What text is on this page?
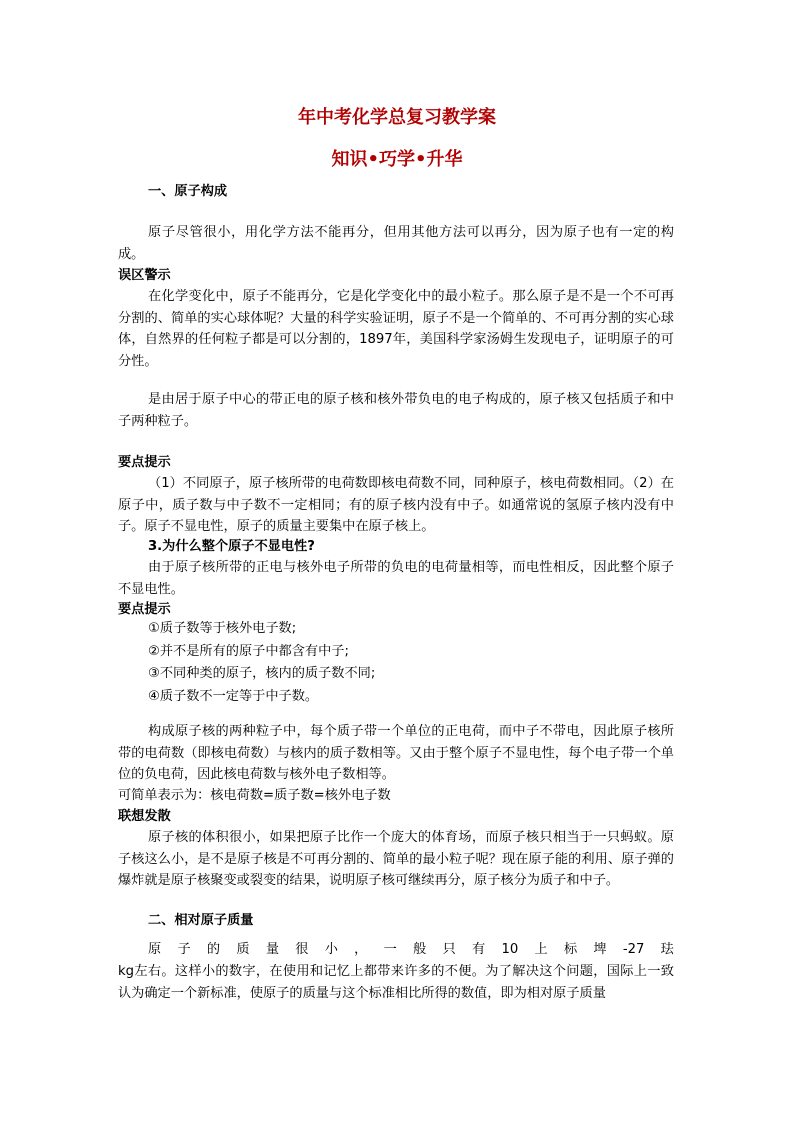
年中考化学总复习教学案
知识•巧学•升华
一、原子构成
原子尽管很小，用化学方法不能再分，但用其他方法可以再分，因为原子也有一定的构成。
误区警示
在化学变化中，原子不能再分，它是化学变化中的最小粒子。那么原子是不是一个不可再分割的、简单的实心球体呢？大量的科学实验证明，原子不是一个简单的、不可再分割的实心球体，自然界的任何粒子都是可以分割的，1897年，美国科学家汤姆生发现电子，证明原子的可分性。
是由居于原子中心的带正电的原子核和核外带负电的电子构成的，原子核又包括质子和中子两种粒子。
要点提示
（1）不同原子，原子核所带的电荷数即核电荷数不同，同种原子，核电荷数相同。（2）在原子中，质子数与中子数不一定相同；有的原子核内没有中子。如通常说的氢原子核内没有中子。原子不显电性，原子的质量主要集中在原子核上。
3.为什么整个原子不显电性?
由于原子核所带的正电与核外电子所带的负电的电荷量相等，而电性相反，因此整个原子不显电性。
要点提示
①质子数等于核外电子数;
②并不是所有的原子中都含有中子;
③不同种类的原子，核内的质子数不同;
④质子数不一定等于中子数。
构成原子核的两种粒子中，每个质子带一个单位的正电荷，而中子不带电，因此原子核所带的电荷数（即核电荷数）与核内的质子数相等。又由于整个原子不显电性，每个电子带一个单位的负电荷，因此核电荷数与核外电子数相等。
可简单表示为：核电荷数=质子数=核外电子数
联想发散
原子核的体积很小，如果把原子比作一个庞大的体育场，而原子核只相当于一只蚂蚁。原子核这么小，是不是原子核是不可再分割的、简单的最小粒子呢？现在原子能的利用、原子弹的爆炸就是原子核聚变或裂变的结果，说明原子核可继续再分，原子核分为质子和中子。
二、相对原子质量
原 子 的 质 量 很 小 ， 一 般 只 有 10 上 标 埤 -27 珐
kg左右。这样小的数字，在使用和记忆上都带来许多的不便。为了解决这个问题，国际上一致认为确定一个新标准，使原子的质量与这个标准相比所得的数值，即为相对原子质量
